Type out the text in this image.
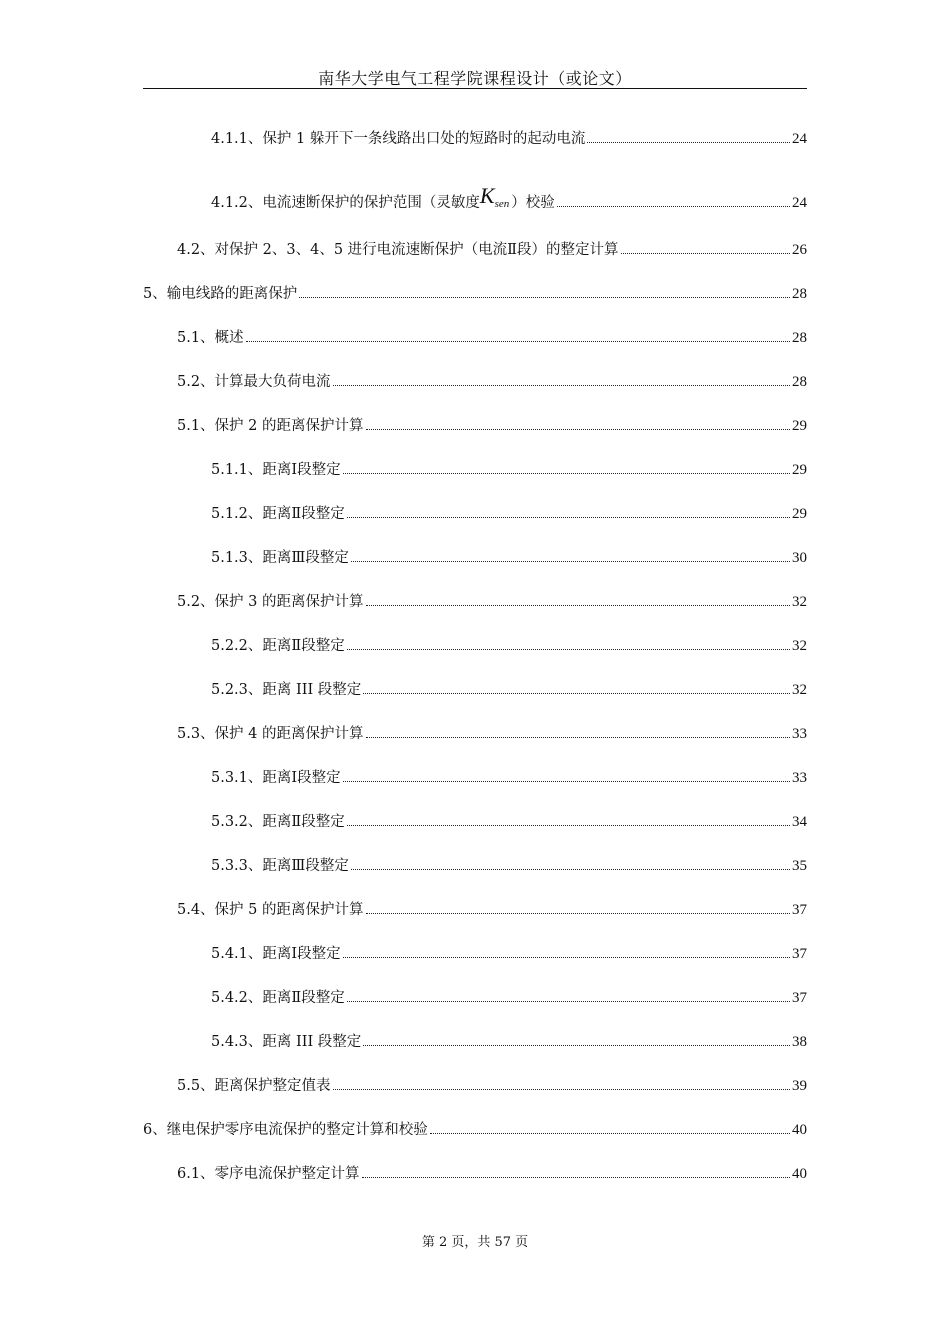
南华大学电气工程学院课程设计（或论文）
4.1.1、保护 1 躲开下一条线路出口处的短路时的起动电流	24
4.1.2、电流速断保护的保护范围（灵敏度Ksen ）校验	24
4.2、对保护 2、3、4、5 进行电流速断保护（电流Ⅱ段）的整定计算	26
5、输电线路的距离保护	28
5.1、概述	28
5.2、计算最大负荷电流	28
5.1、保护 2 的距离保护计算	29
5.1.1、距离Ⅰ段整定	29
5.1.2、距离Ⅱ段整定	29
5.1.3、距离Ⅲ段整定	30
5.2、保护 3 的距离保护计算	32
5.2.2、距离Ⅱ段整定	32
5.2.3、距离 III 段整定	32
5.3、保护 4 的距离保护计算	33
5.3.1、距离Ⅰ段整定	33
5.3.2、距离Ⅱ段整定	34
5.3.3、距离Ⅲ段整定	35
5.4、保护 5 的距离保护计算	37
5.4.1、距离Ⅰ段整定	37
5.4.2、距离Ⅱ段整定	37
5.4.3、距离 III 段整定	38
5.5、距离保护整定值表	39
6、继电保护零序电流保护的整定计算和校验	40
6.1、零序电流保护整定计算	40
第 2 页，共 57 页
